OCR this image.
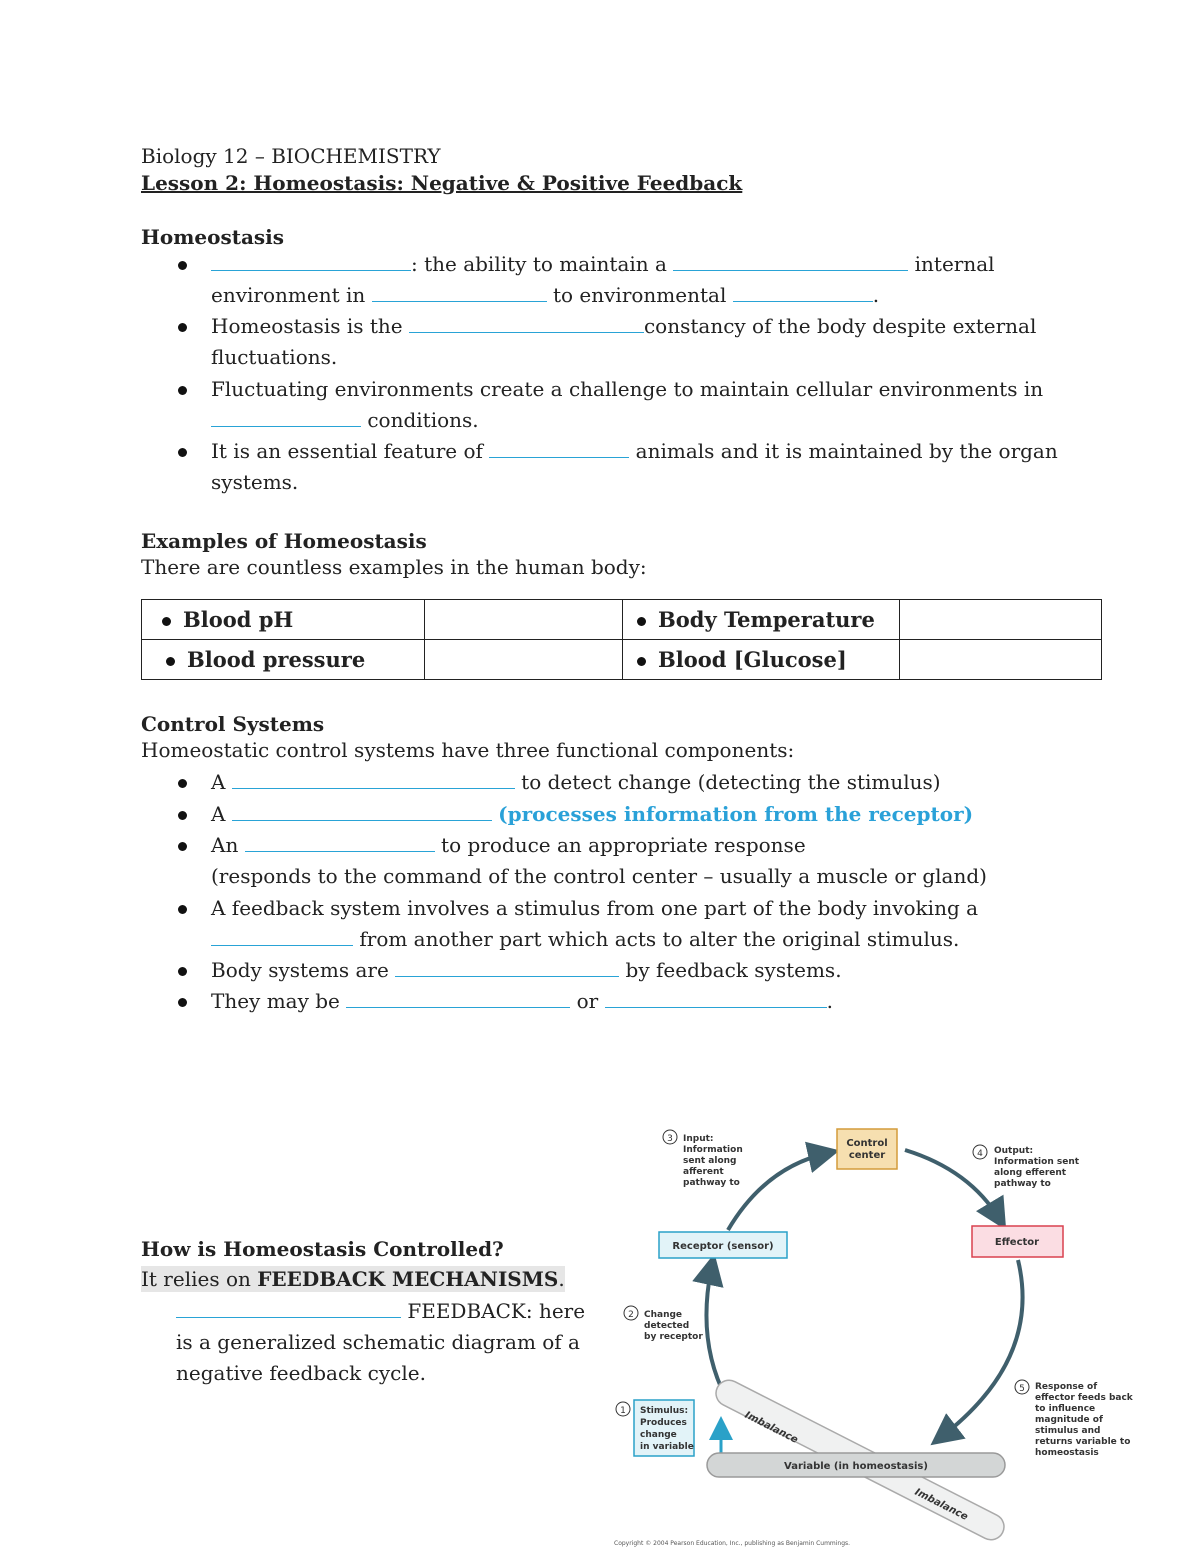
Biology 12 – BIOCHEMISTRY
Lesson 2: Homeostasis: Negative & Positive Feedback
Homeostasis
: the ability to maintain a	internal
environment in	to environmental	.
Homeostasis is the	constancy of the body despite external
fluctuations.
Fluctuating environments create a challenge to maintain cellular environments in
conditions.
It is an essential feature of	animals and it is maintained by the organ
systems.
Examples of Homeostasis
There are countless examples in the human body:
Blood pH		Body Temperature	
Blood pressure		Blood [Glucose]	
Control Systems
Homeostatic control systems have three functional components:
A	to detect change (detecting the stimulus)
A	(processes information from the receptor)
An	to produce an appropriate response
(responds to the command of the control center – usually a muscle or gland)
A feedback system involves a stimulus from one part of the body invoking a
from another part which acts to alter the original stimulus.
Body systems are	by feedback systems.
They may be	or	.
How is Homeostasis Controlled?
It relies on FEEDBACK MECHANISMS.
FEEDBACK: here
is a generalized schematic diagram of a
negative feedback cycle.
Variable (in homeostasis)
Imbalance
Imbalance
Control
center
Receptor (sensor)	Effector
1 Stimulus: Produces change in variable
2 Change detected by receptor
3 Input: Information sent along afferent pathway to
4 Output: Information sent along efferent pathway to
5 Response of effector feeds back to influence magnitude of stimulus and returns variable to homeostasis
Copyright © 2004 Pearson Education, Inc., publishing as Benjamin Cummings.
